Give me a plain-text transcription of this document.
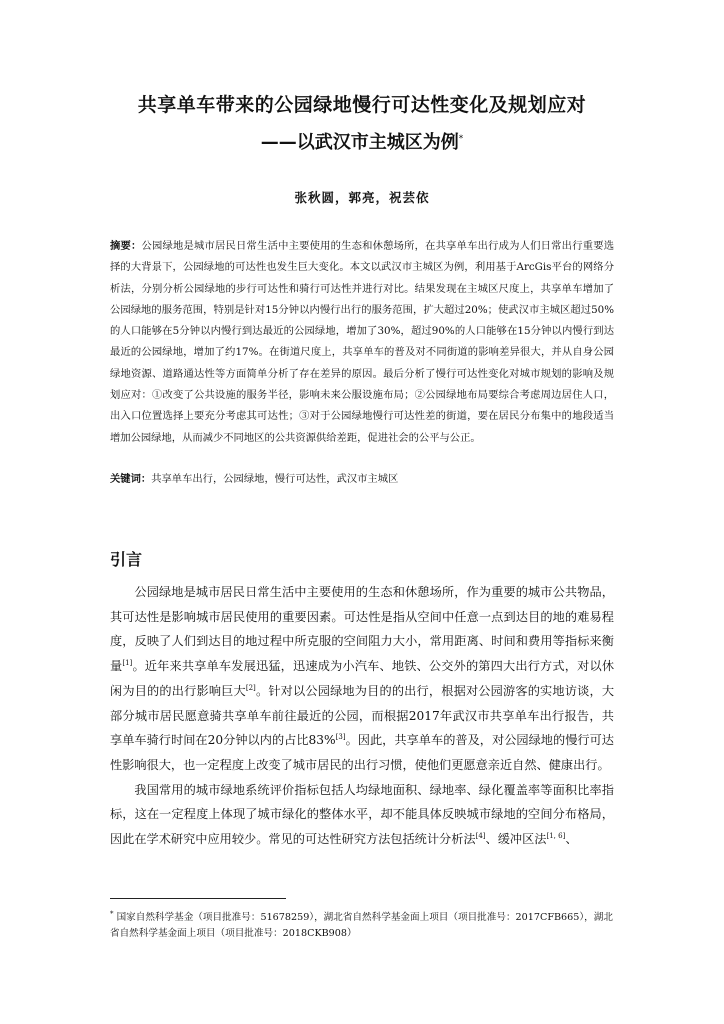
共享单车带来的公园绿地慢行可达性变化及规划应对
——以武汉市主城区为例*
张秋圆，郭亮，祝芸依
摘要：公园绿地是城市居民日常生活中主要使用的生态和休憩场所，在共享单车出行成为人们日常出行重要选择的大背景下，公园绿地的可达性也发生巨大变化。本文以武汉市主城区为例，利用基于ArcGis平台的网络分析法，分别分析公园绿地的步行可达性和骑行可达性并进行对比。结果发现在主城区尺度上，共享单车增加了公园绿地的服务范围，特别是针对15分钟以内慢行出行的服务范围，扩大超过20%；使武汉市主城区超过50%的人口能够在5分钟以内慢行到达最近的公园绿地，增加了30%，超过90%的人口能够在15分钟以内慢行到达最近的公园绿地，增加了约17%。在街道尺度上，共享单车的普及对不同街道的影响差异很大，并从自身公园绿地资源、道路通达性等方面简单分析了存在差异的原因。最后分析了慢行可达性变化对城市规划的影响及规划应对：①改变了公共设施的服务半径，影响未来公服设施布局；②公园绿地布局要综合考虑周边居住人口，出入口位置选择上要充分考虑其可达性；③对于公园绿地慢行可达性差的街道，要在居民分布集中的地段适当增加公园绿地，从而减少不同地区的公共资源供给差距，促进社会的公平与公正。
关键词：共享单车出行，公园绿地，慢行可达性，武汉市主城区
引言

公园绿地是城市居民日常生活中主要使用的生态和休憩场所，作为重要的城市公共物品，其可达性是影响城市居民使用的重要因素。可达性是指从空间中任意一点到达目的地的难易程度，反映了人们到达目的地过程中所克服的空间阻力大小，常用距离、时间和费用等指标来衡量[1]。近年来共享单车发展迅猛，迅速成为小汽车、地铁、公交外的第四大出行方式，对以休闲为目的的出行影响巨大[2]。针对以公园绿地为目的的出行，根据对公园游客的实地访谈，大部分城市居民愿意骑共享单车前往最近的公园，而根据2017年武汉市共享单车出行报告，共享单车骑行时间在20分钟以内的占比83%[3]。因此，共享单车的普及，对公园绿地的慢行可达性影响很大，也一定程度上改变了城市居民的出行习惯，使他们更愿意亲近自然、健康出行。

我国常用的城市绿地系统评价指标包括人均绿地面积、绿地率、绿化覆盖率等面积比率指标，这在一定程度上体现了城市绿化的整体水平，却不能具体反映城市绿地的空间分布格局，因此在学术研究中应用较少。常见的可达性研究方法包括统计分析法[4]、缓冲区法[1, 6]、

* 国家自然科学基金（项目批准号：51678259），湖北省自然科学基金面上项目（项目批准号：2017CFB665），湖北省自然科学基金面上项目（项目批准号：2018CKB908）
